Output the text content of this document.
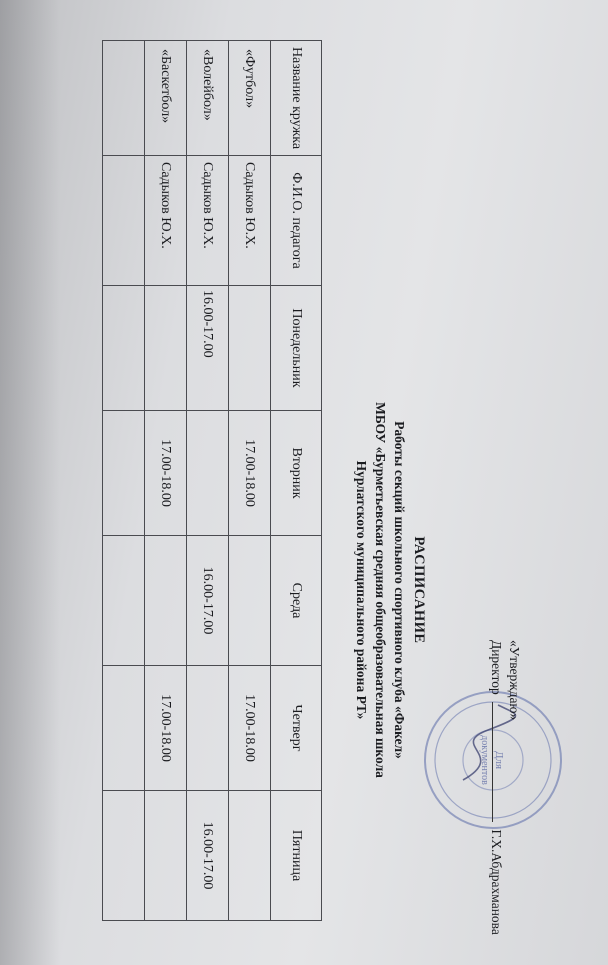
Для
документов
«Утверждаю»
Директор  Г.Х.Абдрахманова
РАСПИСАНИЕ
Работы секций школьного спортивного клуба «Факел»
МБОУ «Бурметьевская средняя общеобразовательная школа
Нурлатского муниципального района РТ»
Название кружка	Ф.И.О. педагога	Понедельник	Вторник	Среда	Четверг	Пятница
«Футбол»	Садыков Ю.Х.		17.00-18.00		17.00-18.00	
«Волейбол»	Садыков Ю.Х.	16.00-17.00		16.00-17.00		16.00-17.00
«Баскетбол»	Садыков Ю.Х.		17.00-18.00		17.00-18.00	
